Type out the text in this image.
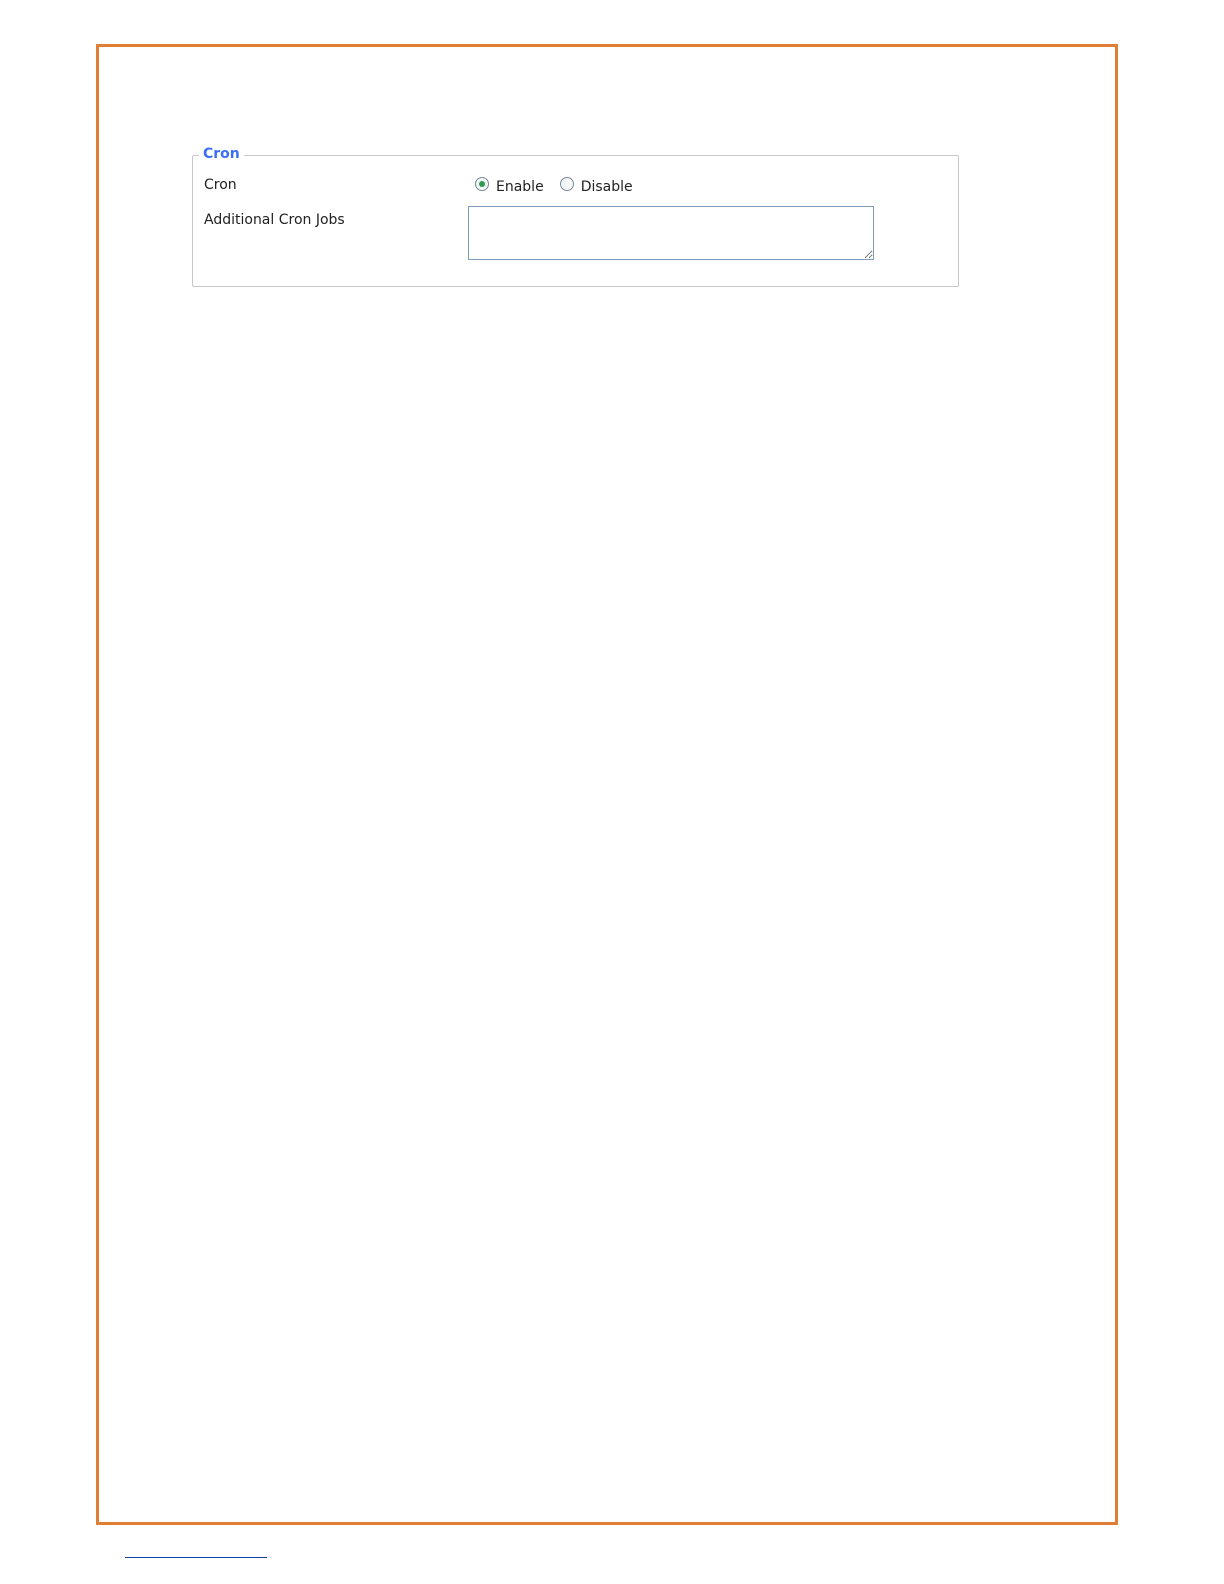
Cron
Cron	Enable	Disable
Additional Cron Jobs
